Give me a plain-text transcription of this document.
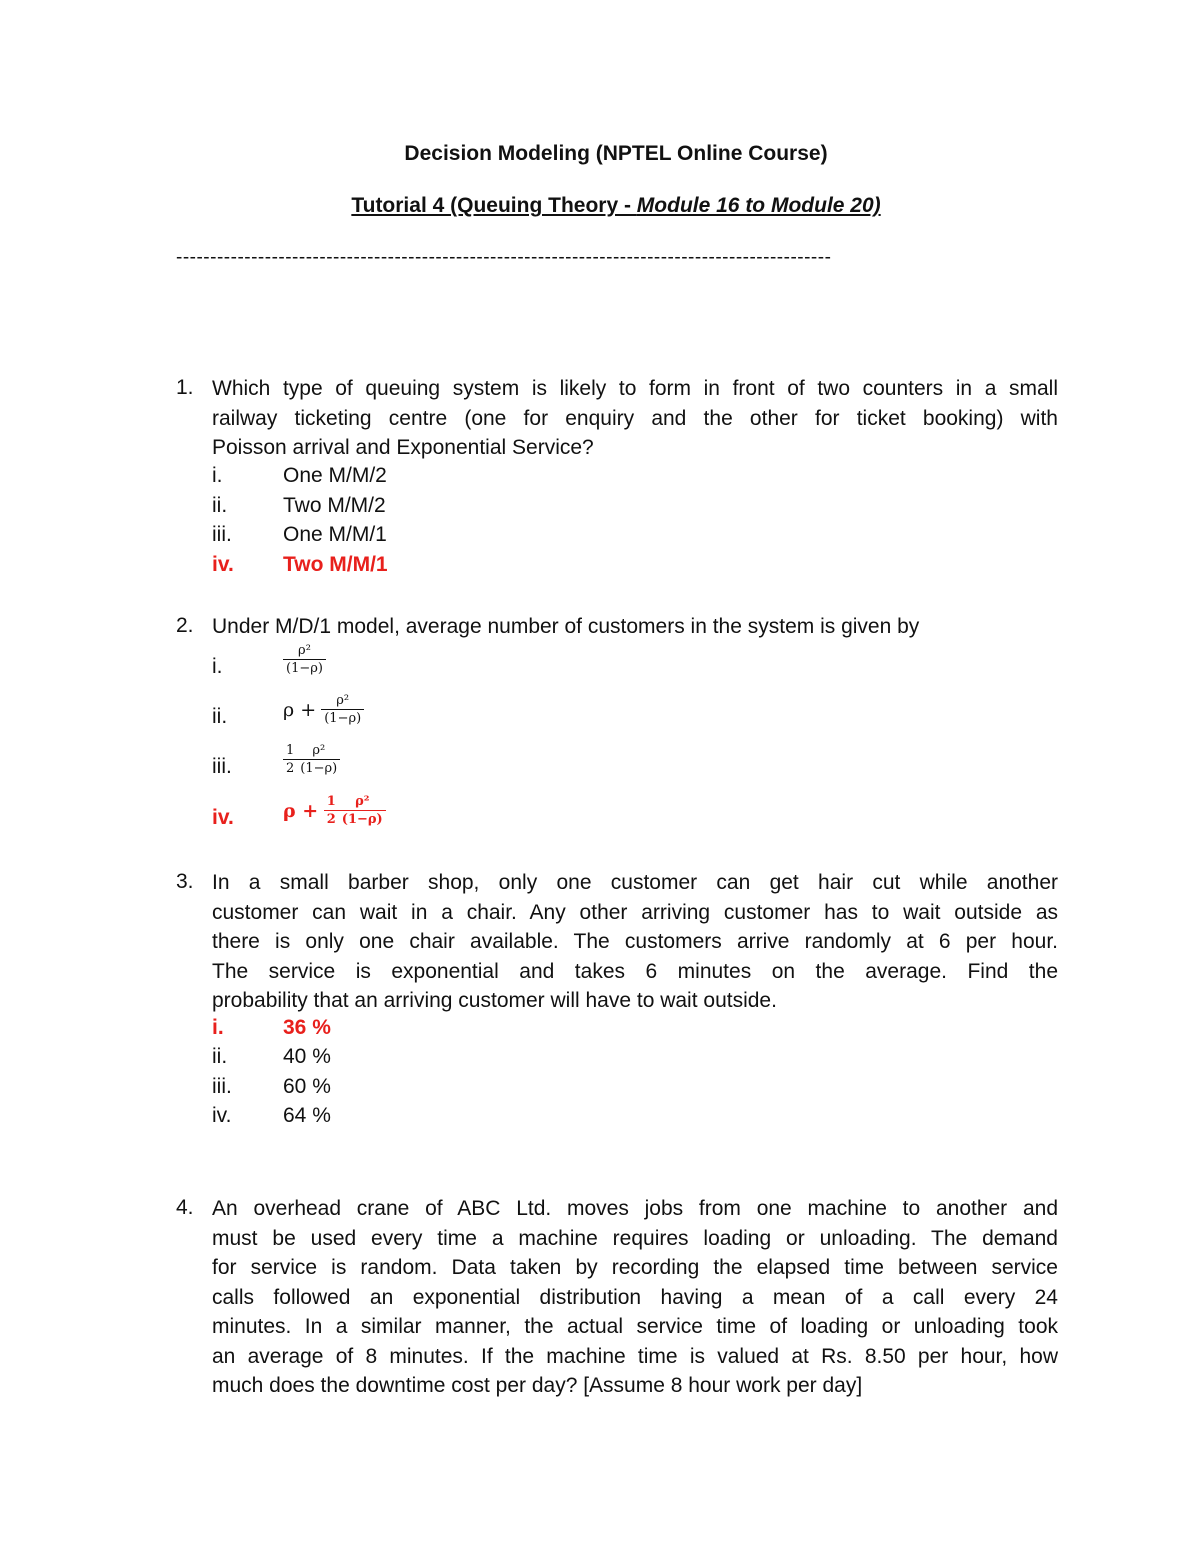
Decision Modeling (NPTEL Online Course)
Tutorial 4 (Queuing Theory - Module 16 to Module 20)
------------------------------------------------------------------------------------------------
1. Which type of queuing system is likely to form in front of two counters in a small
railway ticketing centre (one for enquiry and the other for ticket booking) with
Poisson arrival and Exponential Service?
i.	One M/M/2
ii.	Two M/M/2
iii. One M/M/1
iv. Two M/M/1
2. Under M/D/1 model, average number of customers in the system is given by
i.	$\frac{\text{ρ²}}{(1-\rho)}$
ii.	$\rho + \frac{\text{ρ²}}{(1-\rho)}$
iii.	$\frac{1}{2} \frac{\text{ρ²}}{(1-\rho)}$
iv.	$\rho + \frac{1}{2} \frac{\text{ρ²}}{(1-\rho)}$
3. In a small barber shop, only one customer can get hair cut while another
customer can wait in a chair. Any other arriving customer has to wait outside as
there is only one chair available. The customers arrive randomly at 6 per hour.
The service is exponential and takes 6 minutes on the average. Find the
probability that an arriving customer will have to wait outside.
i.	36 %
ii.	40 %
iii. 60 %
iv. 64 %
4. An overhead crane of ABC Ltd. moves jobs from one machine to another and
must be used every time a machine requires loading or unloading. The demand
for service is random. Data taken by recording the elapsed time between service
calls followed an exponential distribution having a mean of a call every 24
minutes. In a similar manner, the actual service time of loading or unloading took
an average of 8 minutes. If the machine time is valued at Rs. 8.50 per hour, how
much does the downtime cost per day? [Assume 8 hour work per day]
